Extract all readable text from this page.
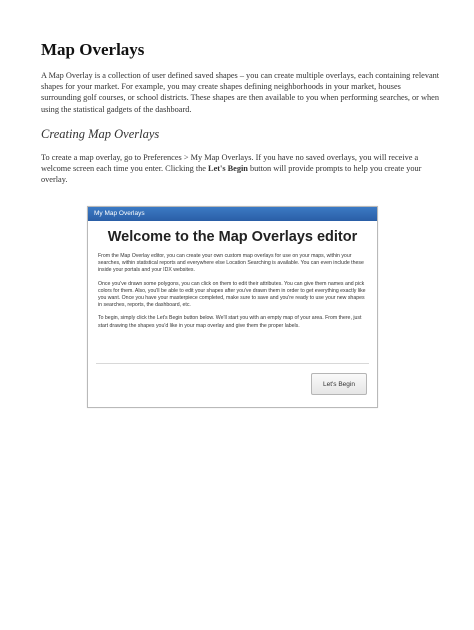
Map Overlays

A Map Overlay is a collection of user defined saved shapes – you can create multiple overlays, each containing relevant shapes for your market. For example, you may create shapes defining neighborhoods in your market, houses surrounding golf courses, or school districts. These shapes are then available to you when performing searches, or when using the statistical gadgets of the dashboard.

Creating Map Overlays

To create a map overlay, go to Preferences > My Map Overlays. If you have no saved overlays, you will receive a welcome screen each time you enter. Clicking the Let's Begin button will provide prompts to help you create your overlay.

My Map Overlays
Welcome to the Map Overlays editor

From the Map Overlay editor, you can create your own custom map overlays for use on your maps, within your searches, within statistical reports and everywhere else Location Searching is available. You can even include these inside your portals and your IDX websites.

Once you've drawn some polygons, you can click on them to edit their attributes. You can give them names and pick colors for them. Also, you'll be able to edit your shapes after you've drawn them in order to get everything exactly like you want. Once you have your masterpiece completed, make sure to save and you're ready to use your new shapes in searches, reports, the dashboard, etc.

To begin, simply click the Let's Begin button below. We'll start you with an empty map of your area. From there, just start drawing the shapes you'd like in your map overlay and give them the proper labels.

Let's Begin
